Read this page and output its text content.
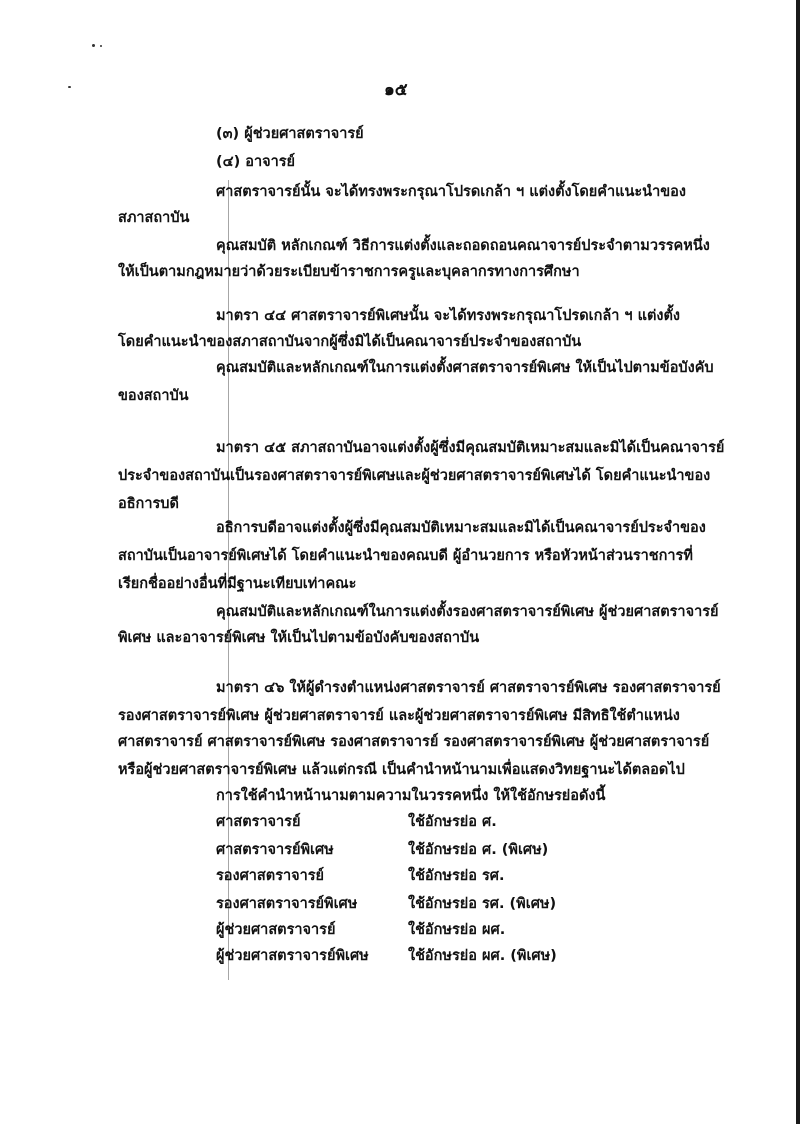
๑๕
(๓) ผู้ช่วยศาสตราจารย์
(๔) อาจารย์
ศาสตราจารย์นั้น จะได้ทรงพระกรุณาโปรดเกล้า ฯ แต่งตั้งโดยคำแนะนำของ
สภาสถาบัน
คุณสมบัติ หลักเกณฑ์ วิธีการแต่งตั้งและถอดถอนคณาจารย์ประจำตามวรรคหนึ่ง
ให้เป็นตามกฎหมายว่าด้วยระเบียบข้าราชการครูและบุคลากรทางการศึกษา
มาตรา ๔๔ ศาสตราจารย์พิเศษนั้น จะได้ทรงพระกรุณาโปรดเกล้า ฯ แต่งตั้ง
โดยคำแนะนำของสภาสถาบันจากผู้ซึ่งมิได้เป็นคณาจารย์ประจำของสถาบัน
คุณสมบัติและหลักเกณฑ์ในการแต่งตั้งศาสตราจารย์พิเศษ ให้เป็นไปตามข้อบังคับ
ของสถาบัน
มาตรา ๔๕ สภาสถาบันอาจแต่งตั้งผู้ซึ่งมีคุณสมบัติเหมาะสมและมิได้เป็นคณาจารย์
ประจำของสถาบันเป็นรองศาสตราจารย์พิเศษและผู้ช่วยศาสตราจารย์พิเศษได้ โดยคำแนะนำของ
อธิการบดี
อธิการบดีอาจแต่งตั้งผู้ซึ่งมีคุณสมบัติเหมาะสมและมิได้เป็นคณาจารย์ประจำของ
สถาบันเป็นอาจารย์พิเศษได้ โดยคำแนะนำของคณบดี ผู้อำนวยการ หรือหัวหน้าส่วนราชการที่
เรียกชื่ออย่างอื่นที่มีฐานะเทียบเท่าคณะ
คุณสมบัติและหลักเกณฑ์ในการแต่งตั้งรองศาสตราจารย์พิเศษ ผู้ช่วยศาสตราจารย์
พิเศษ และอาจารย์พิเศษ ให้เป็นไปตามข้อบังคับของสถาบัน
มาตรา ๔๖ ให้ผู้ดำรงตำแหน่งศาสตราจารย์ ศาสตราจารย์พิเศษ รองศาสตราจารย์
รองศาสตราจารย์พิเศษ ผู้ช่วยศาสตราจารย์ และผู้ช่วยศาสตราจารย์พิเศษ มีสิทธิใช้ตำแหน่ง
ศาสตราจารย์ ศาสตราจารย์พิเศษ รองศาสตราจารย์ รองศาสตราจารย์พิเศษ ผู้ช่วยศาสตราจารย์
หรือผู้ช่วยศาสตราจารย์พิเศษ แล้วแต่กรณี เป็นคำนำหน้านามเพื่อแสดงวิทยฐานะได้ตลอดไป
การใช้คำนำหน้านามตามความในวรรคหนึ่ง ให้ใช้อักษรย่อดังนี้
ศาสตราจารย์	ใช้อักษรย่อ ศ.
ศาสตราจารย์พิเศษ	ใช้อักษรย่อ ศ. (พิเศษ)
รองศาสตราจารย์	ใช้อักษรย่อ รศ.
รองศาสตราจารย์พิเศษ	ใช้อักษรย่อ รศ. (พิเศษ)
ผู้ช่วยศาสตราจารย์	ใช้อักษรย่อ ผศ.
ผู้ช่วยศาสตราจารย์พิเศษ	ใช้อักษรย่อ ผศ. (พิเศษ)
